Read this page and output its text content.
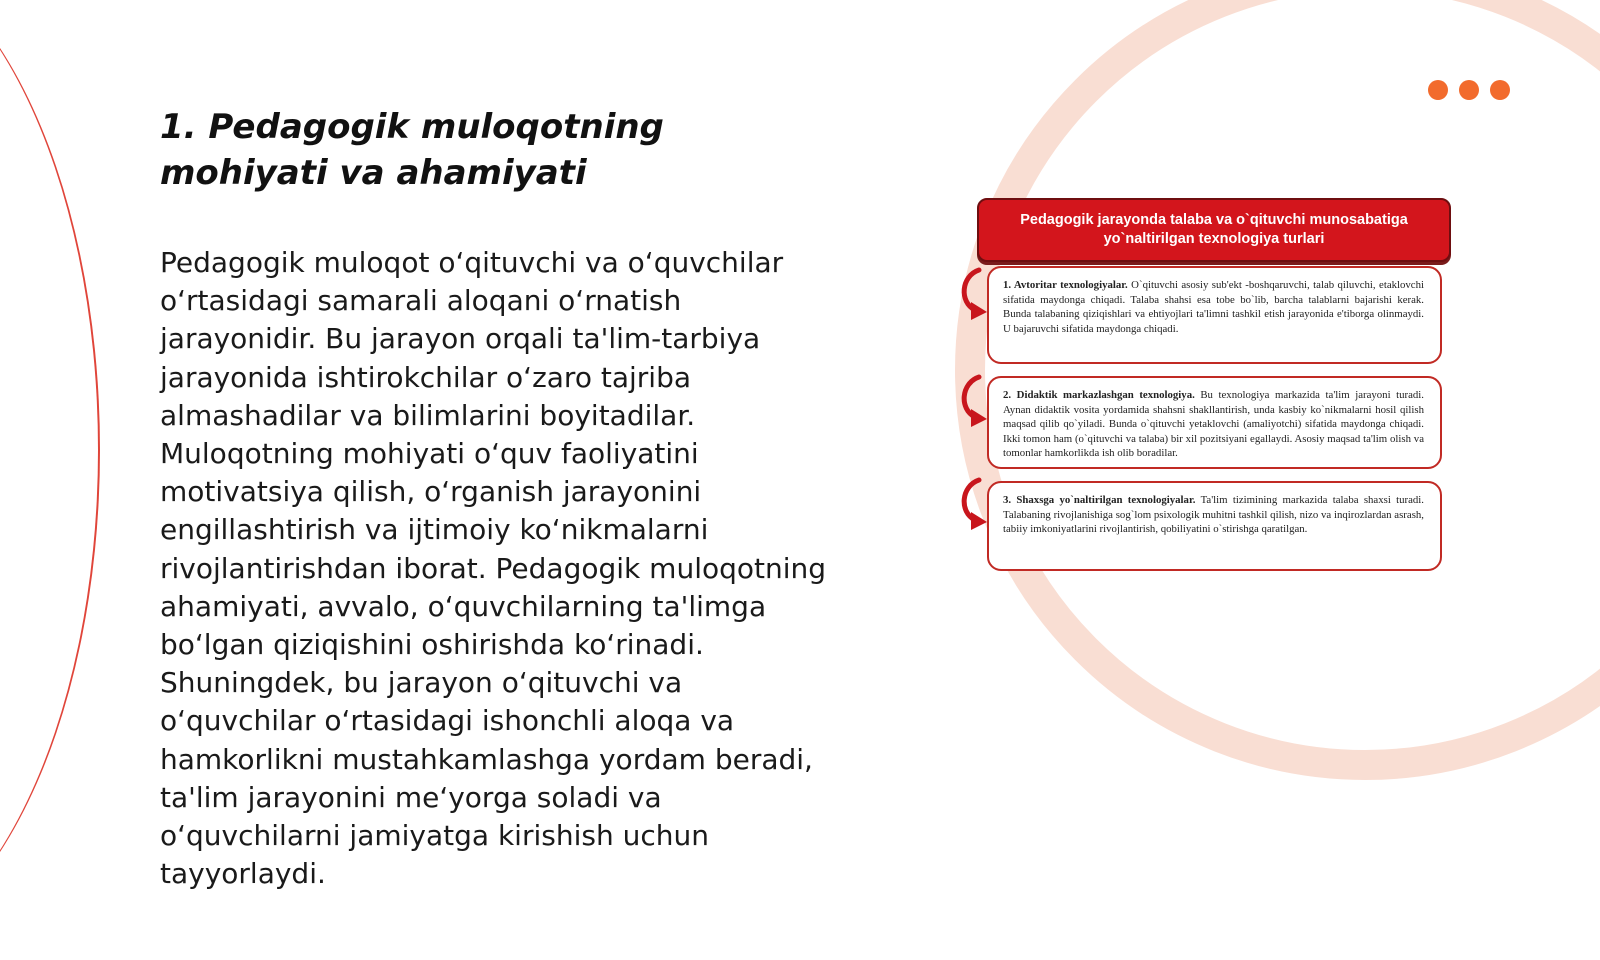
1. Pedagogik muloqotning mohiyati va ahamiyati

Pedagogik muloqot o‘qituvchi va o‘quvchilar o‘rtasidagi samarali aloqani o‘rnatish jarayonidir. Bu jarayon orqali ta'lim-tarbiya jarayonida ishtirokchilar o‘zaro tajriba almashadilar va bilimlarini boyitadilar. Muloqotning mohiyati o‘quv faoliyatini motivatsiya qilish, o‘rganish jarayonini engillashtirish va ijtimoiy ko‘nikmalarni rivojlantirishdan iborat. Pedagogik muloqotning ahamiyati, avvalo, o‘quvchilarning ta'limga bo‘lgan qiziqishini oshirishda ko‘rinadi. Shuningdek, bu jarayon o‘qituvchi va o‘quvchilar o‘rtasidagi ishonchli aloqa va hamkorlikni mustahkamlashga yordam beradi, ta'lim jarayonini me‘yorga soladi va o‘quvchilarni jamiyatga kirishish uchun tayyorlaydi.

Pedagogik jarayonda talaba va o`qituvchi munosabatiga yo`naltirilgan texnologiya turlari
1. Avtoritar texnologiyalar. O`qituvchi asosiy sub'ekt -boshqaruvchi, talab qiluvchi, etaklovchi sifatida maydonga chiqadi. Talaba shahsi esa tobe bo`lib, barcha talablarni bajarishi kerak. Bunda talabaning qiziqishlari va ehtiyojlari ta'limni tashkil etish jarayonida e'tiborga olinmaydi. U bajaruvchi sifatida maydonga chiqadi.
2. Didaktik markazlashgan texnologiya. Bu texnologiya markazida ta'lim jarayoni turadi. Aynan didaktik vosita yordamida shahsni shakllantirish, unda kasbiy ko`nikmalarni hosil qilish maqsad qilib qo`yiladi. Bunda o`qituvchi yetaklovchi (amaliyotchi) sifatida maydonga chiqadi. Ikki tomon ham (o`qituvchi va talaba) bir xil pozitsiyani egallaydi. Asosiy maqsad ta'lim olish va tomonlar hamkorlikda ish olib boradilar.
3. Shaxsga yo`naltirilgan texnologiyalar. Ta'lim tizimining markazida talaba shaxsi turadi. Talabaning rivojlanishiga sog`lom psixologik muhitni tashkil qilish, nizo va inqirozlardan asrash, tabiiy imkoniyatlarini rivojlantirish, qobiliyatini o`stirishga qaratilgan.
